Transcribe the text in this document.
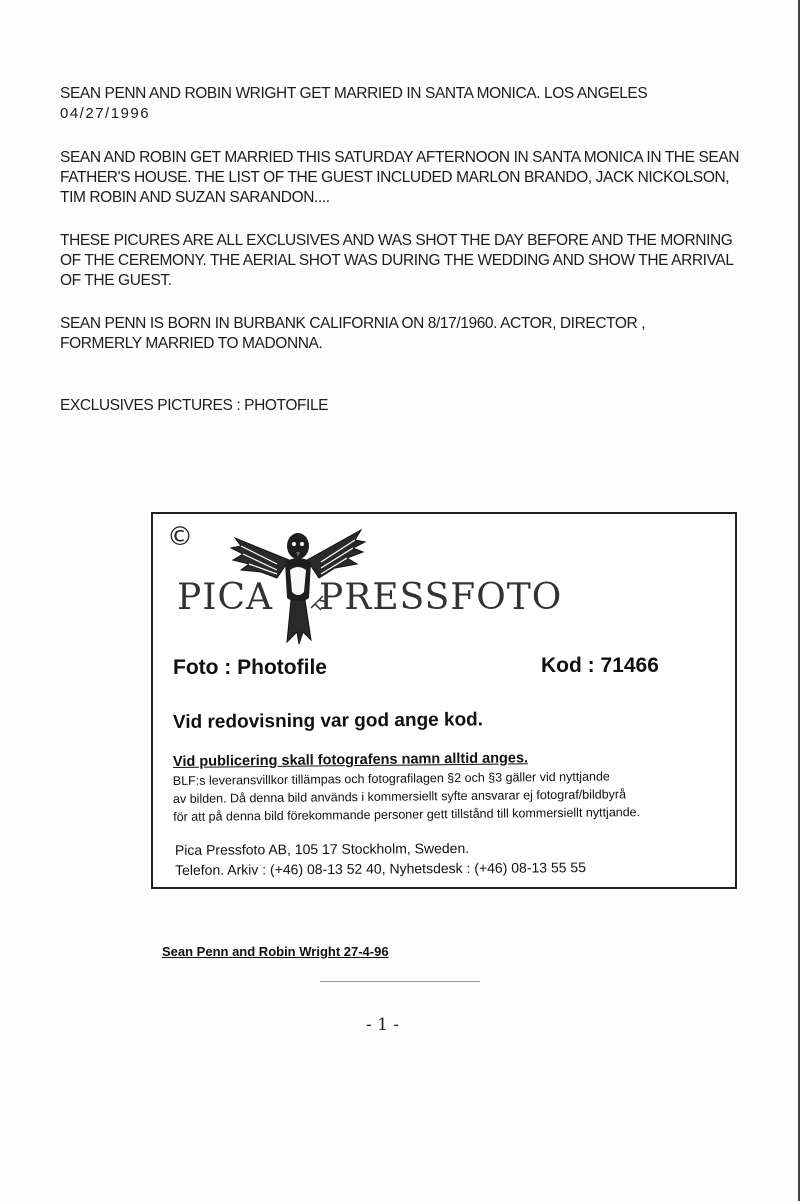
SEAN PENN AND ROBIN WRIGHT GET MARRIED IN SANTA MONICA. LOS ANGELES
04/27/1996

SEAN AND ROBIN GET MARRIED THIS SATURDAY AFTERNOON IN SANTA MONICA IN THE SEAN FATHER'S HOUSE. THE LIST OF THE GUEST INCLUDED MARLON BRANDO, JACK NICKOLSON, TIM ROBIN AND SUZAN SARANDON....

THESE PICURES ARE ALL EXCLUSIVES AND WAS SHOT THE DAY BEFORE AND THE MORNING OF THE CEREMONY. THE AERIAL SHOT WAS DURING THE WEDDING AND SHOW THE ARRIVAL OF THE GUEST.

SEAN PENN IS BORN IN BURBANK CALIFORNIA ON 8/17/1960. ACTOR, DIRECTOR , FORMERLY MARRIED TO MADONNA.

EXCLUSIVES PICTURES : PHOTOFILE

©
PICA PRESSFOTO
Foto : Photofile	Kod : 71466
Vid redovisning var god ange kod.
Vid publicering skall fotografens namn alltid anges.
BLF:s leveransvillkor tillämpas och fotografilagen §2 och §3 gäller vid nyttjande
av bilden. Då denna bild används i kommersiellt syfte ansvarar ej fotograf/bildbyrå
för att på denna bild förekommande personer gett tillstånd till kommersiellt nyttjande.
Pica Pressfoto AB, 105 17 Stockholm, Sweden.
Telefon. Arkiv : (+46) 08-13 52 40, Nyhetsdesk : (+46) 08-13 55 55
Sean Penn and Robin Wright 27-4-96
- 1 -
